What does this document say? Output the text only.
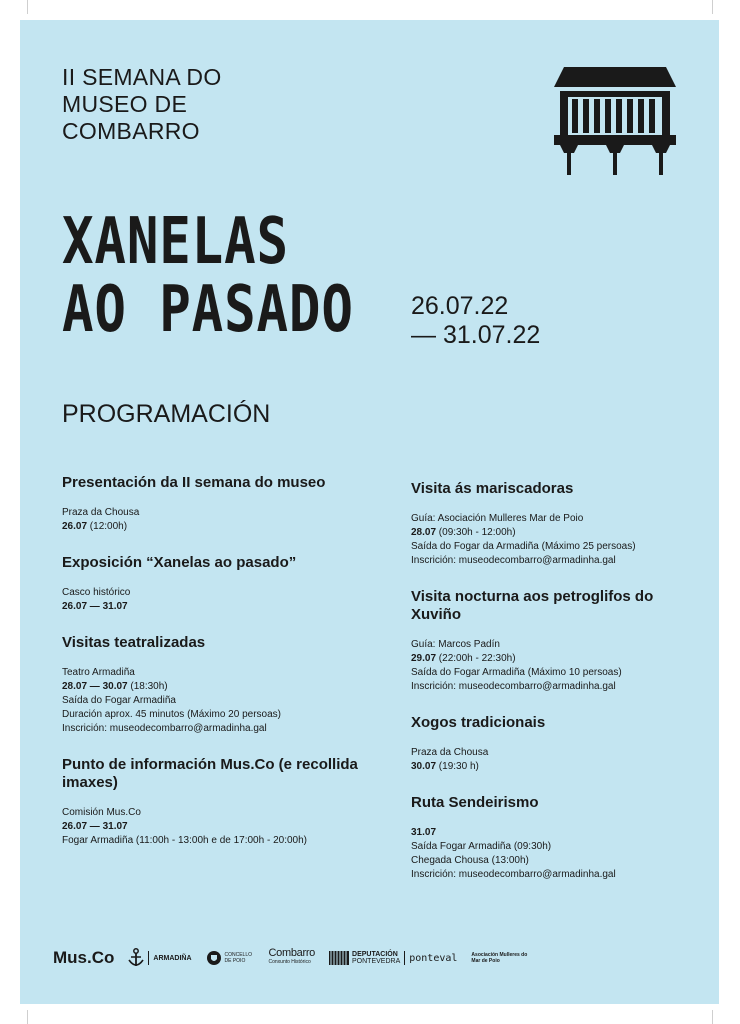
II SEMANA DO
MUSEO DE
COMBARRO
XANELAS
AO PASADO 26.07.22
— 31.07.22
PROGRAMACIÓN
Presentación da II semana do museo

Praza da Chousa

26.07 (12:00h)

Exposición “Xanelas ao pasado”

Casco histórico

26.07 — 31.07

Visitas teatralizadas

Teatro Armadiña

28.07 — 30.07 (18:30h)

Saída do Fogar Armadiña

Duración aprox. 45 minutos (Máximo 20 persoas)

Inscrición: museodecombarro@armadinha.gal

Punto de información Mus.Co (e recollida imaxes)

Comisión Mus.Co

26.07 — 31.07

Fogar Armadiña (11:00h - 13:00h e de 17:00h - 20:00h)

Visita ás mariscadoras

Guía: Asociación Mulleres Mar de Poio

28.07 (09:30h - 12:00h)

Saída do Fogar da Armadiña (Máximo 25 persoas)

Inscrición: museodecombarro@armadinha.gal

Visita nocturna aos petroglifos do Xuviño

Guía: Marcos Padín

29.07 (22:00h - 22:30h)

Saída do Fogar Armadiña (Máximo 10 persoas)

Inscrición: museodecombarro@armadinha.gal

Xogos tradicionais

Praza da Chousa

30.07 (19:30 h)

Ruta Sendeirismo

31.07

Saída Fogar Armadiña (09:30h)

Chegada Chousa (13:00h)

Inscrición: museodecombarro@armadinha.gal

Mus.Co	ARMADIÑA	CONCELLO DE POIO
Combarro
Conxunto Histórico
DEPUTACIÓN
PONTEVEDRA ponteval	Asociación Mulleres do Mar de Poio
